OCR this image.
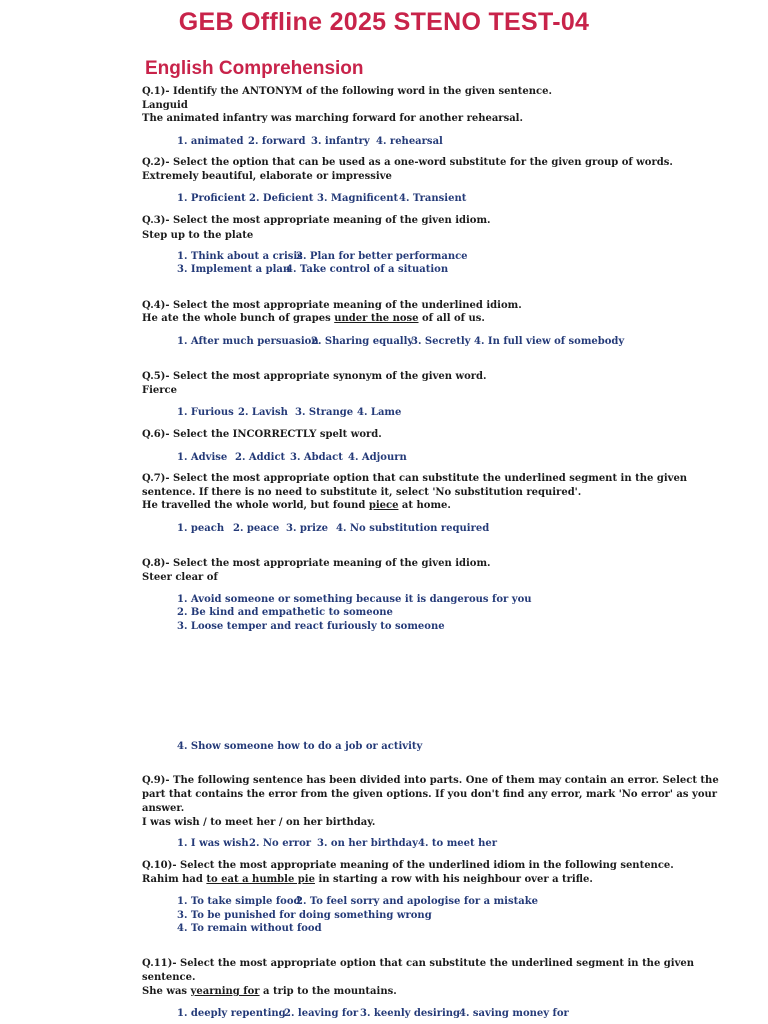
GEB Offline 2025 STENO TEST-04
English Comprehension
Q.1)- Identify the ANTONYM of the following word in the given sentence.
Languid
The animated infantry was marching forward for another rehearsal.
1. animated 2. forward 3. infantry 4. rehearsal
Q.2)- Select the option that can be used as a one-word substitute for the given group of words.
Extremely beautiful, elaborate or impressive
1. Proficient 2. Deficient 3. Magnificent 4. Transient
Q.3)- Select the most appropriate meaning of the given idiom.
Step up to the plate
1. Think about a crisis
2. Plan for better performance
3. Implement a plan
4. Take control of a situation
Q.4)- Select the most appropriate meaning of the underlined idiom.
He ate the whole bunch of grapes under the nose of all of us.
1. After much persuasion
2. Sharing equally
3. Secretly 4. In full view of somebody
Q.5)- Select the most appropriate synonym of the given word.
Fierce
1. Furious 2. Lavish 3. Strange 4. Lame
Q.6)- Select the INCORRECTLY spelt word.
1. Advise 2. Addict 3. Abdact 4. Adjourn
Q.7)- Select the most appropriate option that can substitute the underlined segment in the given
sentence. If there is no need to substitute it, select 'No substitution required'.
He travelled the whole world, but found piece at home.
1. peach 2. peace 3. prize 4. No substitution required
Q.8)- Select the most appropriate meaning of the given idiom.
Steer clear of
1. Avoid someone or something because it is dangerous for you
2. Be kind and empathetic to someone
3. Loose temper and react furiously to someone
4. Show someone how to do a job or activity
Q.9)- The following sentence has been divided into parts. One of them may contain an error. Select the
part that contains the error from the given options. If you don't find any error, mark 'No error' as your
answer.
I was wish / to meet her / on her birthday.
1. I was wish 2. No error 3. on her birthday 4. to meet her
Q.10)- Select the most appropriate meaning of the underlined idiom in the following sentence.
Rahim had to eat a humble pie in starting a row with his neighbour over a trifle.
1. To take simple food
2. To feel sorry and apologise for a mistake
3. To be punished for doing something wrong
4. To remain without food
Q.11)- Select the most appropriate option that can substitute the underlined segment in the given
sentence.
She was yearning for a trip to the mountains.
1. deeply repenting
2. leaving for 3. keenly desiring
4. saving money for
